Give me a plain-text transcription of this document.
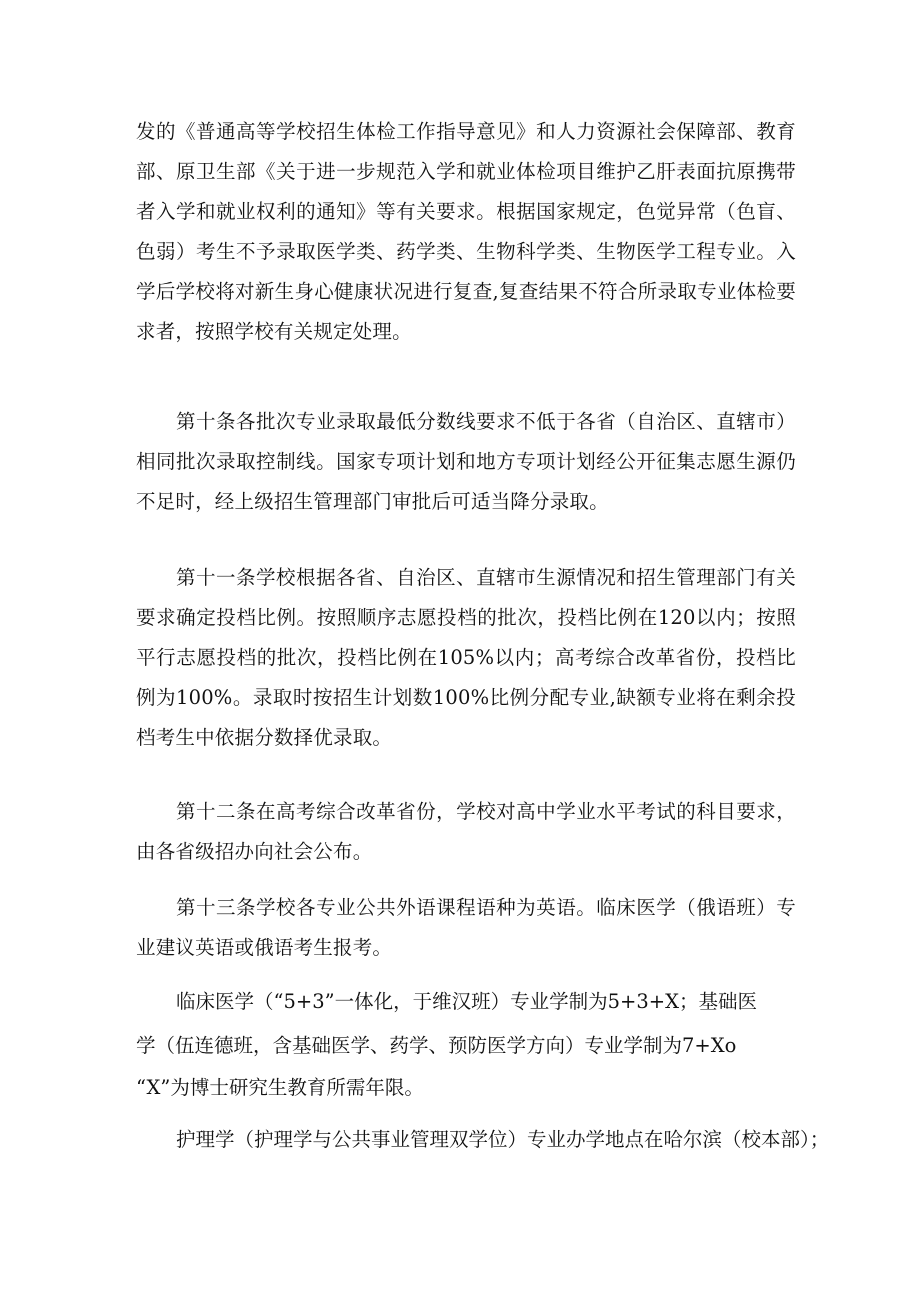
发的《普通高等学校招生体检工作指导意见》和人力资源社会保障部、教育部、原卫生部《关于进一步规范入学和就业体检项目维护乙肝表面抗原携带者入学和就业权利的通知》等有关要求。根据国家规定，色觉异常（色盲、色弱）考生不予录取医学类、药学类、生物科学类、生物医学工程专业。入学后学校将对新生身心健康状况进行复查,复查结果不符合所录取专业体检要求者，按照学校有关规定处理。

第十条各批次专业录取最低分数线要求不低于各省（自治区、直辖市）相同批次录取控制线。国家专项计划和地方专项计划经公开征集志愿生源仍不足时，经上级招生管理部门审批后可适当降分录取。

第十一条学校根据各省、自治区、直辖市生源情况和招生管理部门有关要求确定投档比例。按照顺序志愿投档的批次，投档比例在120以内；按照平行志愿投档的批次，投档比例在105%以内；高考综合改革省份，投档比例为100%。录取时按招生计划数100%比例分配专业,缺额专业将在剩余投档考生中依据分数择优录取。

第十二条在高考综合改革省份，学校对高中学业水平考试的科目要求，由各省级招办向社会公布。

第十三条学校各专业公共外语课程语种为英语。临床医学（俄语班）专业建议英语或俄语考生报考。

临床医学（“5+3”一体化，于维汉班）专业学制为5+3+X；基础医

学（伍连德班，含基础医学、药学、预防医学方向）专业学制为7+Xo

“X”为博士研究生教育所需年限。

护理学（护理学与公共事业管理双学位）专业办学地点在哈尔滨（校本部）；
